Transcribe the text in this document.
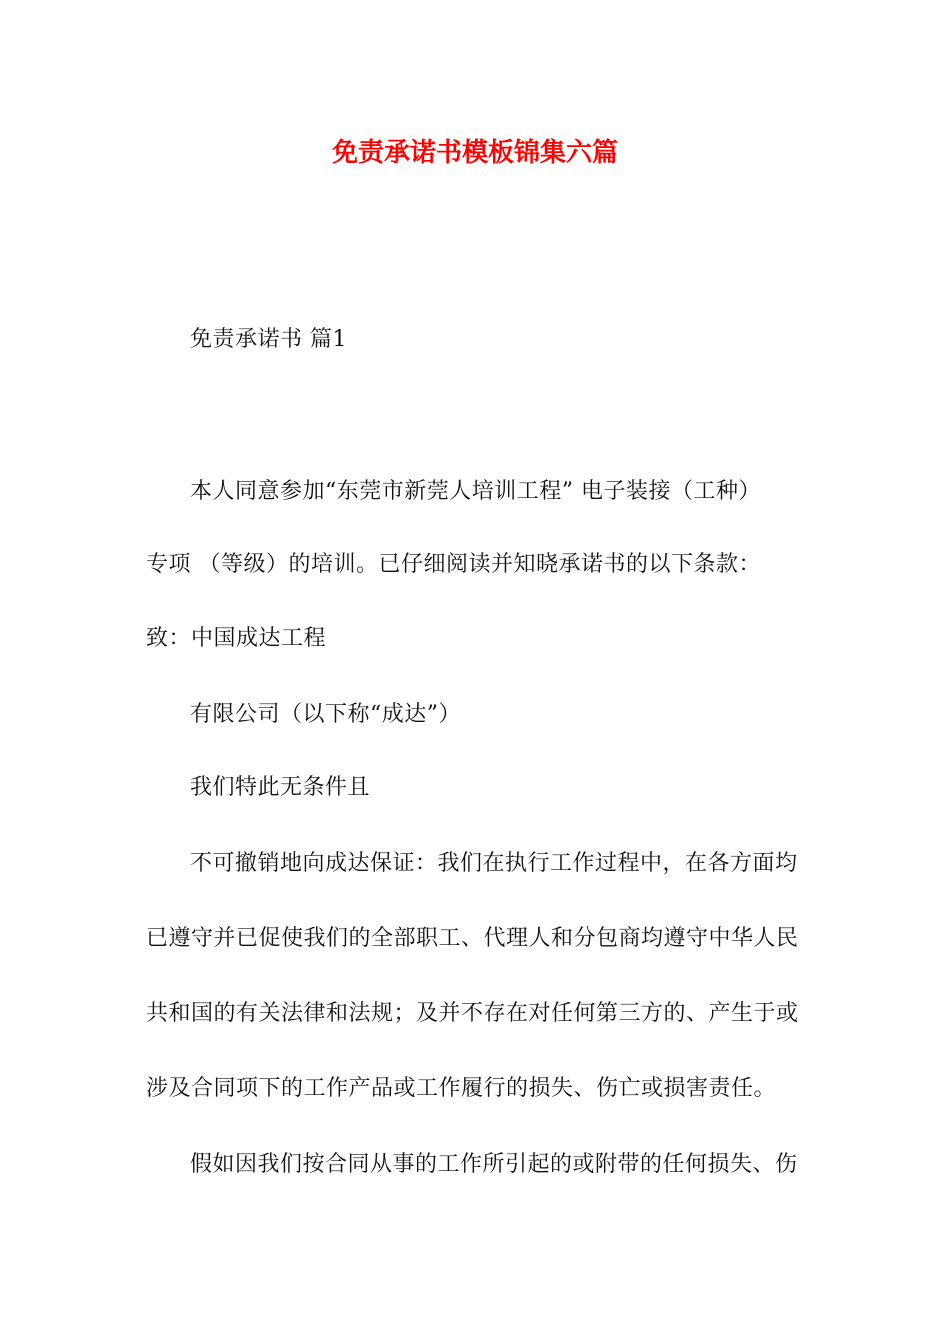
免责承诺书模板锦集六篇
免责承诺书 篇1
本人同意参加“东莞市新莞人培训工程” 电子装接（工种）
专项 （等级）的培训。已仔细阅读并知晓承诺书的以下条款：
致：中国成达工程
有限公司（以下称“成达”）
我们特此无条件且
不可撤销地向成达保证：我们在执行工作过程中，在各方面均
已遵守并已促使我们的全部职工、代理人和分包商均遵守中华人民
共和国的有关法律和法规；及并不存在对任何第三方的、产生于或
涉及合同项下的工作产品或工作履行的损失、伤亡或损害责任。
假如因我们按合同从事的工作所引起的或附带的任何损失、伤
